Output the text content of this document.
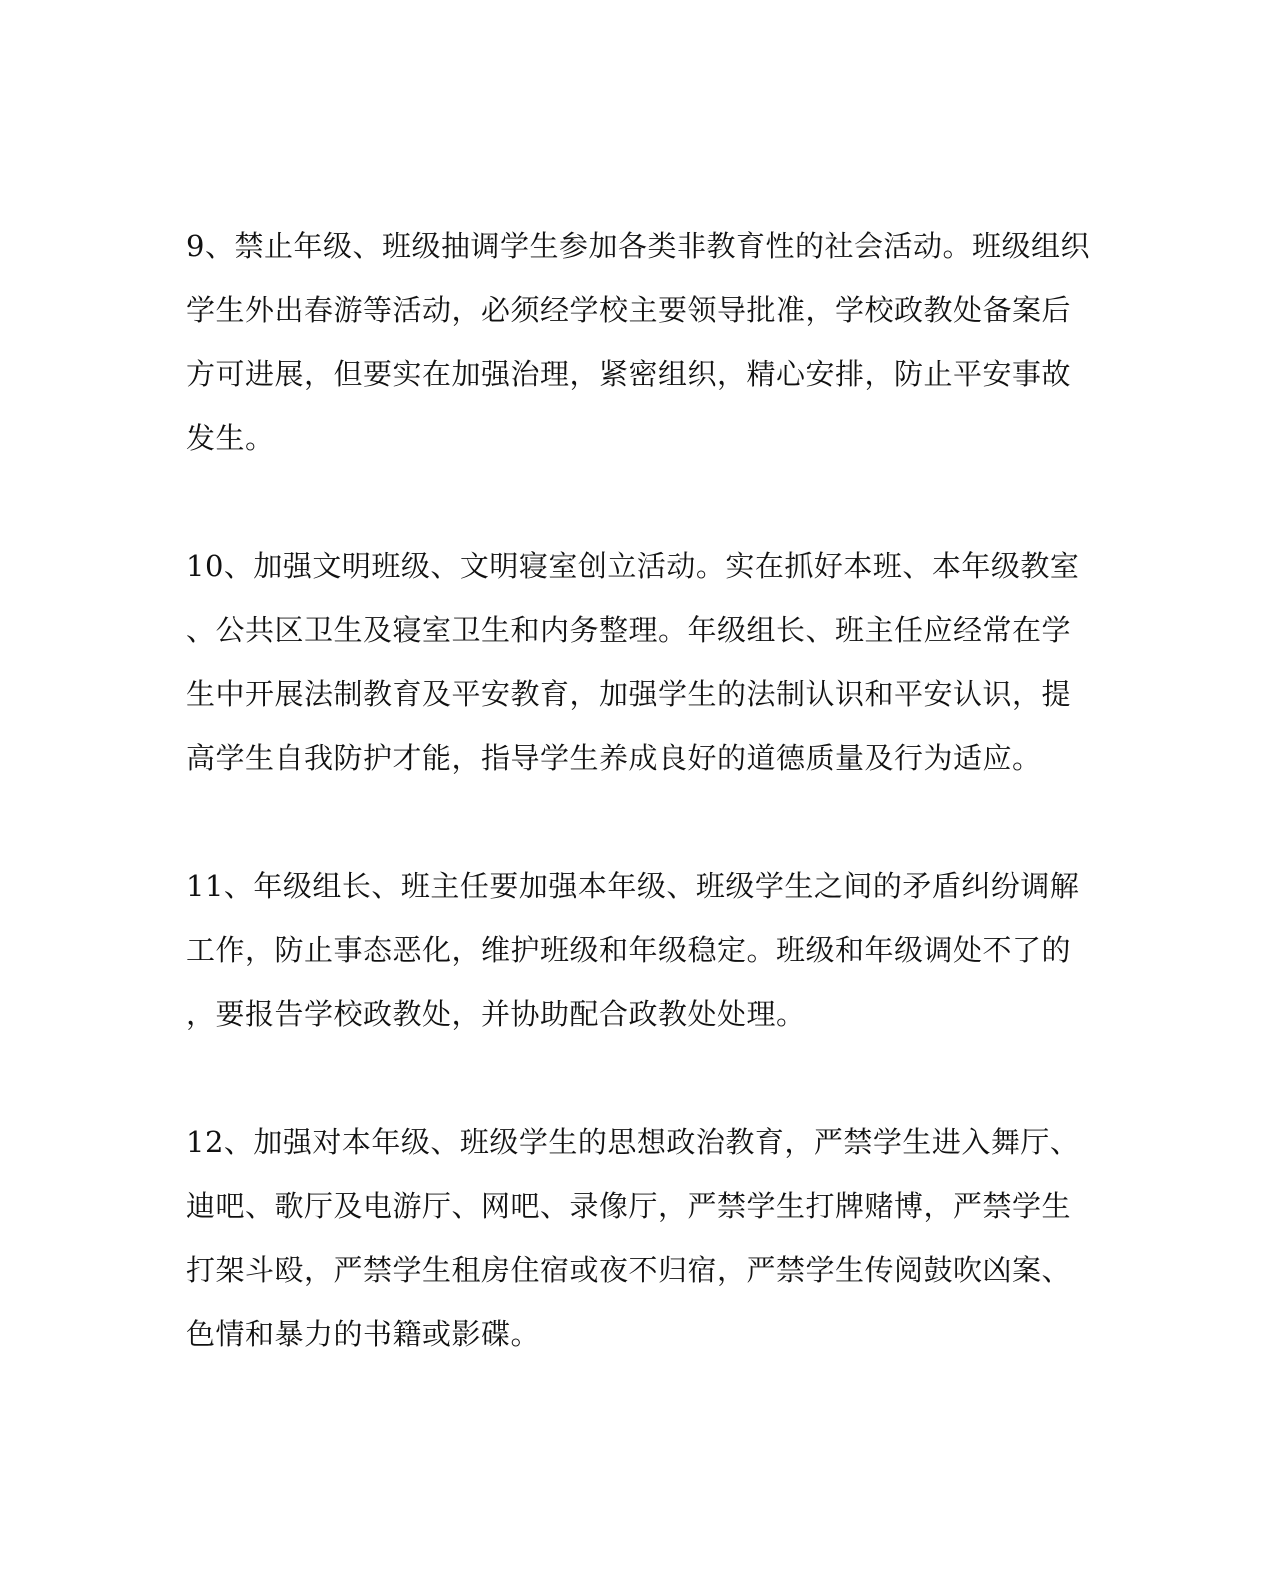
9、禁止年级、班级抽调学生参加各类非教育性的社会活动。班级组织
学生外出春游等活动，必须经学校主要领导批准，学校政教处备案后
方可进展，但要实在加强治理，紧密组织，精心安排，防止平安事故
发生。
10、加强文明班级、文明寝室创立活动。实在抓好本班、本年级教室
、公共区卫生及寝室卫生和内务整理。年级组长、班主任应经常在学
生中开展法制教育及平安教育，加强学生的法制认识和平安认识，提
高学生自我防护才能，指导学生养成良好的道德质量及行为适应。
11、年级组长、班主任要加强本年级、班级学生之间的矛盾纠纷调解
工作，防止事态恶化，维护班级和年级稳定。班级和年级调处不了的
，要报告学校政教处，并协助配合政教处处理。
12、加强对本年级、班级学生的思想政治教育，严禁学生进入舞厅、
迪吧、歌厅及电游厅、网吧、录像厅，严禁学生打牌赌博，严禁学生
打架斗殴，严禁学生租房住宿或夜不归宿，严禁学生传阅鼓吹凶案、
色情和暴力的书籍或影碟。
